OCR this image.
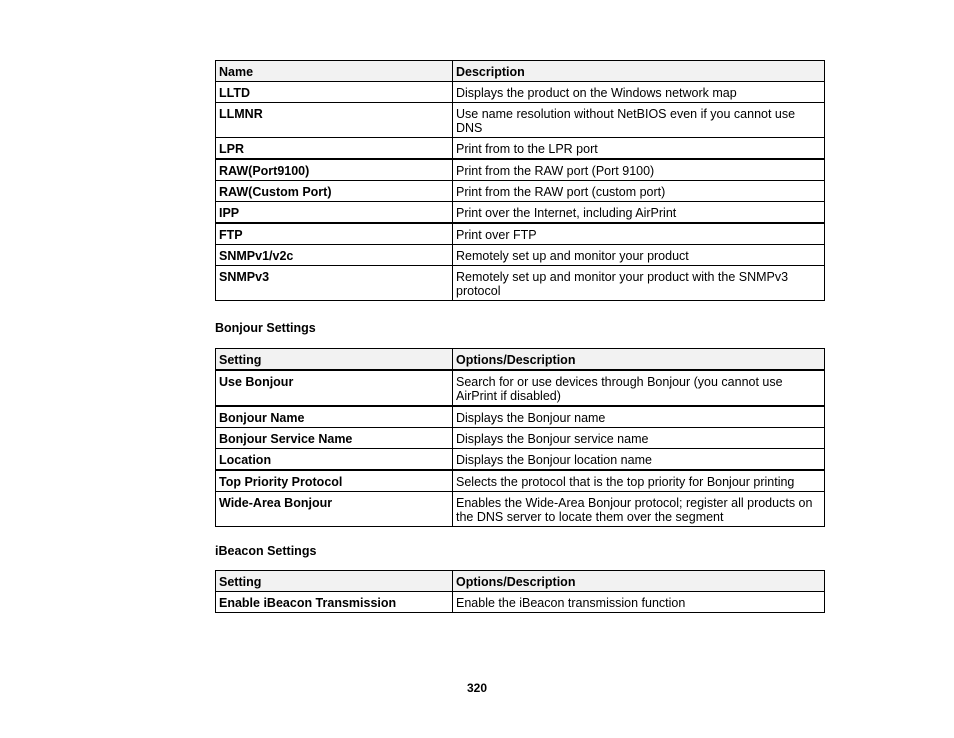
Name	Description
LLTD	Displays the product on the Windows network map
LLMNR	Use name resolution without NetBIOS even if you cannot use DNS
LPR	Print from to the LPR port
RAW(Port9100)	Print from the RAW port (Port 9100)
RAW(Custom Port)	Print from the RAW port (custom port)
IPP	Print over the Internet, including AirPrint
FTP	Print over FTP
SNMPv1/v2c	Remotely set up and monitor your product
SNMPv3	Remotely set up and monitor your product with the SNMPv3 protocol
Bonjour Settings
Setting	Options/Description
Use Bonjour	Search for or use devices through Bonjour (you cannot use AirPrint if disabled)
Bonjour Name	Displays the Bonjour name
Bonjour Service Name	Displays the Bonjour service name
Location	Displays the Bonjour location name
Top Priority Protocol	Selects the protocol that is the top priority for Bonjour printing
Wide-Area Bonjour	Enables the Wide-Area Bonjour protocol; register all products on the DNS server to locate them over the segment
iBeacon Settings
Setting	Options/Description
Enable iBeacon Transmission	Enable the iBeacon transmission function
320
